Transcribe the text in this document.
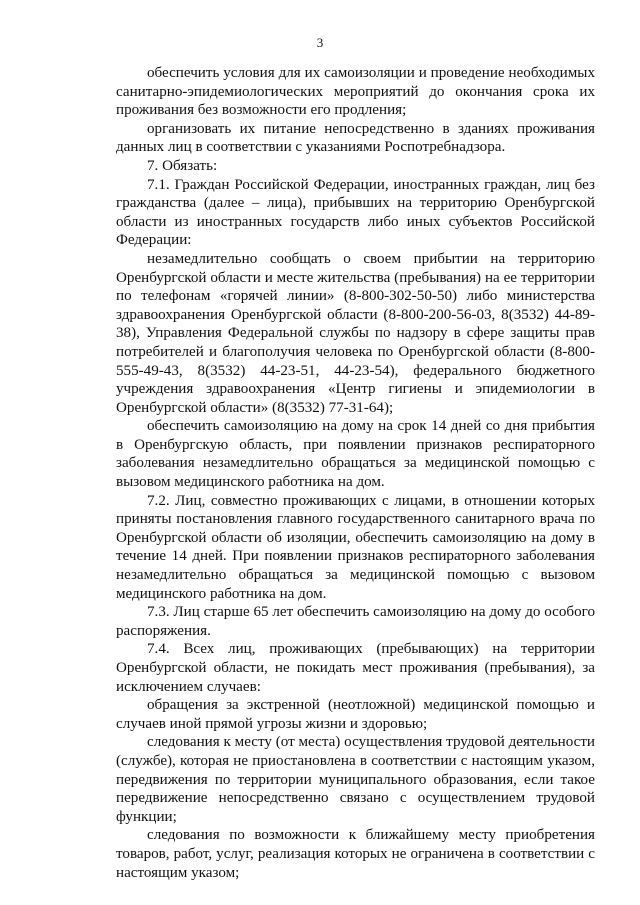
3

обеспечить условия для их самоизоляции и проведение необходимых санитарно-эпидемиологических мероприятий до окончания срока их проживания без возможности его продления;

организовать их питание непосредственно в зданиях проживания данных лиц в соответствии с указаниями Роспотребнадзора.

7. Обязать:

7.1. Граждан Российской Федерации, иностранных граждан, лиц без гражданства (далее – лица), прибывших на территорию Оренбургской области из иностранных государств либо иных субъектов Российской Федерации:

незамедлительно сообщать о своем прибытии на территорию Оренбургской области и месте жительства (пребывания) на ее территории по телефонам «горячей линии» (8-800-302-50-50) либо министерства здравоохранения Оренбургской области (8-800-200-56-03, 8(3532) 44-89-38), Управления Федеральной службы по надзору в сфере защиты прав потребителей и благополучия человека по Оренбургской области (8-800-555-49-43, 8(3532) 44-23-51, 44-23-54), федерального бюджетного учреждения здравоохранения «Центр гигиены и эпидемиологии в Оренбургской области» (8(3532) 77-31-64);

обеспечить самоизоляцию на дому на срок 14 дней со дня прибытия в Оренбургскую область, при появлении признаков респираторного заболевания незамедлительно обращаться за медицинской помощью с вызовом медицинского работника на дом.

7.2. Лиц, совместно проживающих с лицами, в отношении которых приняты постановления главного государственного санитарного врача по Оренбургской области об изоляции, обеспечить самоизоляцию на дому в течение 14 дней. При появлении признаков респираторного заболевания незамедлительно обращаться за медицинской помощью с вызовом медицинского работника на дом.

7.3. Лиц старше 65 лет обеспечить самоизоляцию на дому до особого распоряжения.

7.4. Всех лиц, проживающих (пребывающих) на территории Оренбургской области, не покидать мест проживания (пребывания), за исключением случаев:

обращения за экстренной (неотложной) медицинской помощью и случаев иной прямой угрозы жизни и здоровью;

следования к месту (от места) осуществления трудовой деятельности (службе), которая не приостановлена в соответствии с настоящим указом, передвижения по территории муниципального образования, если такое передвижение непосредственно связано с осуществлением трудовой функции;

следования по возможности к ближайшему месту приобретения товаров, работ, услуг, реализация которых не ограничена в соответствии с настоящим указом;
